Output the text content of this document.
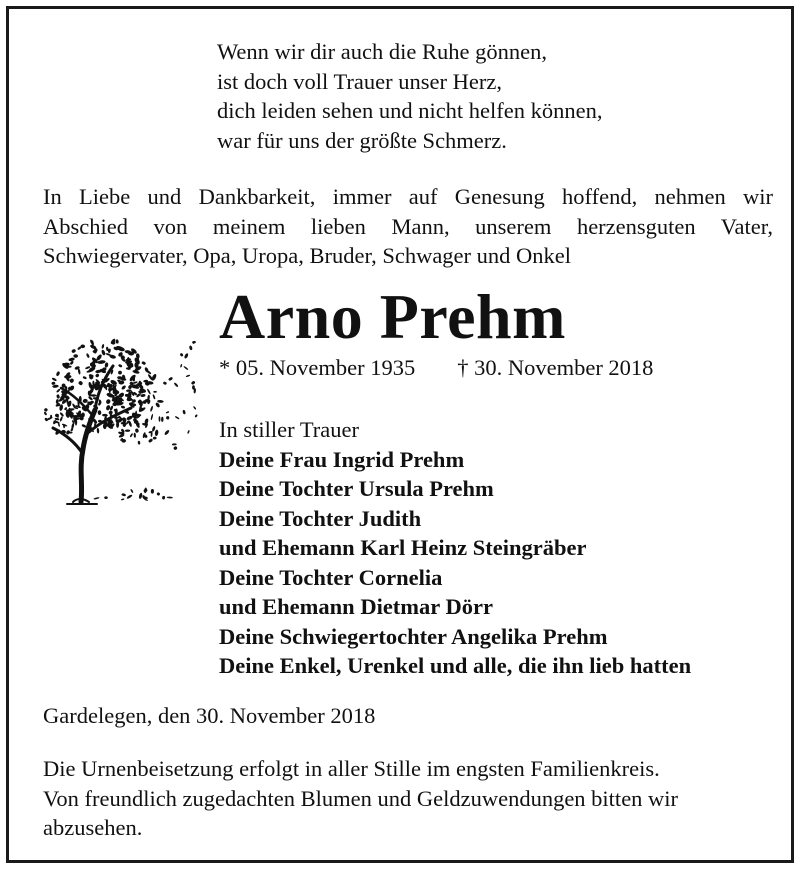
Wenn wir dir auch die Ruhe gönnen,
ist doch voll Trauer unser Herz,
dich leiden sehen und nicht helfen können,
war für uns der größte Schmerz.
In Liebe und Dankbarkeit, immer auf Genesung hoffend, nehmen wir
Abschied von meinem lieben Mann, unserem herzensguten Vater,
Schwiegervater, Opa, Uropa, Bruder, Schwager und Onkel
Arno Prehm
* 05. November 1935 † 30. November 2018
In stiller Trauer
Deine Frau Ingrid Prehm
Deine Tochter Ursula Prehm
Deine Tochter Judith
und Ehemann Karl Heinz Steingräber
Deine Tochter Cornelia
und Ehemann Dietmar Dörr
Deine Schwiegertochter Angelika Prehm
Deine Enkel, Urenkel und alle, die ihn lieb hatten
Gardelegen, den 30. November 2018
Die Urnenbeisetzung erfolgt in aller Stille im engsten Familienkreis.
Von freundlich zugedachten Blumen und Geldzuwendungen bitten wir
abzusehen.
